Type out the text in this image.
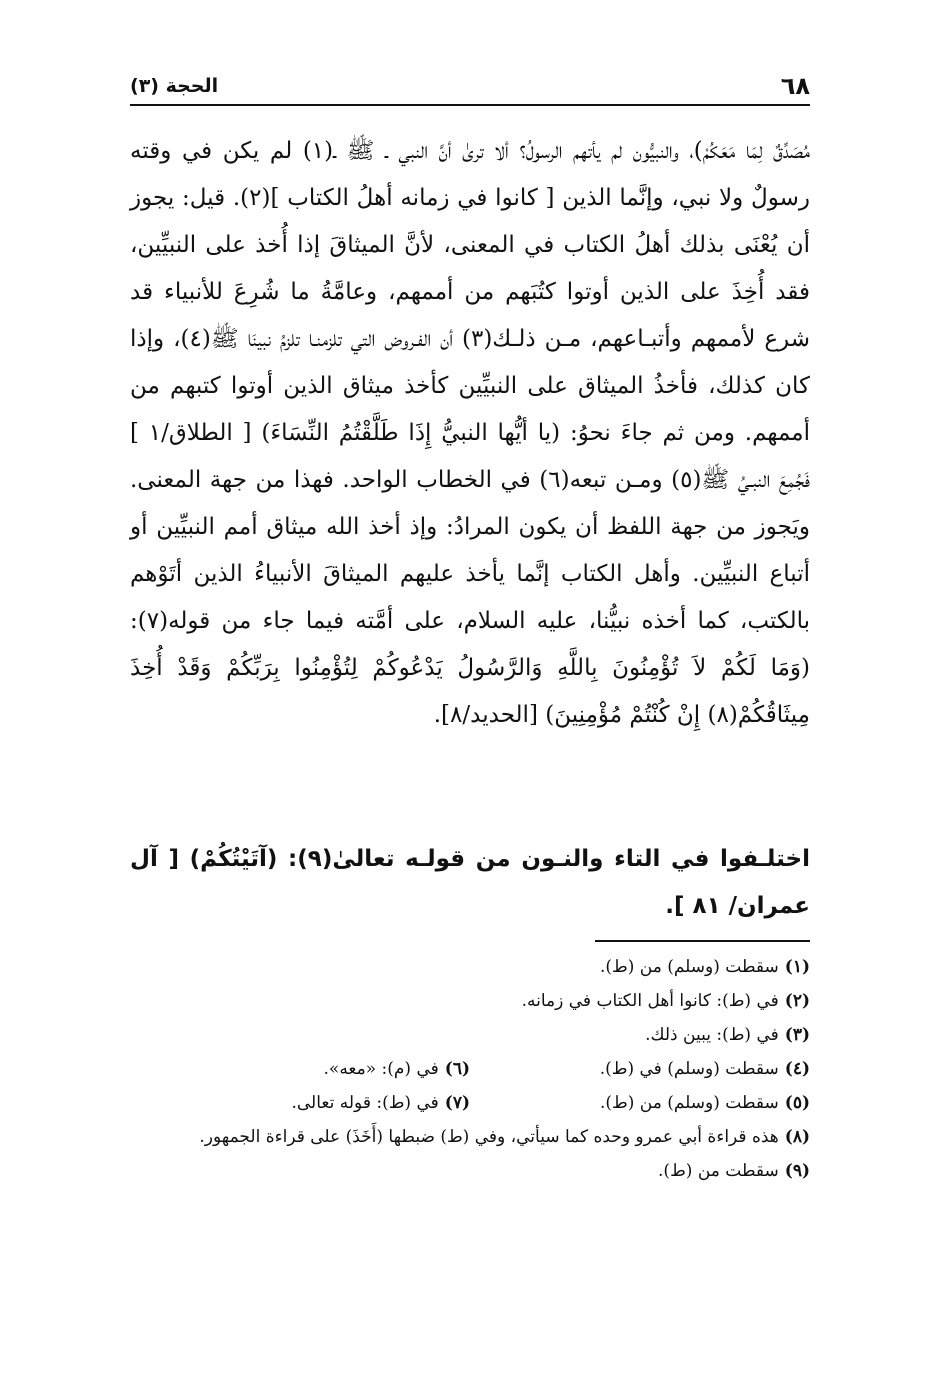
٦٨
الحجة (٣)

مُصَدِّقٌ لِمَا مَعَكُمْ)، والنبيُّون لم يأتهم الرسولُ؟ ألا ترىٰ أنَّ النبي ـ ﷺ ـ(١) لم يكن في وقته رسولٌ ولا نبي، وإنَّما الذين [ كانوا في زمانه أهلُ الكتاب ](٢). قيل: يجوز أن يُعْنَى بذلك أهلُ الكتاب في المعنى، لأنَّ الميثاقَ إذا أُخذ على النبيِّين، فقد أُخِذَ على الذين أوتوا كتُبَهم من أممهم، وعامَّةُ ما شُرِعَ للأنبياء قد شرع لأممهم وأتبـاعهم، مـن ذلـك(٣) أن الفـروض التي تلزمنـا تلزمُ نبينَا ﷺ(٤)، وإذا كان كذلك، فأخذُ الميثاق على النبيِّين كأخذ ميثاق الذين أوتوا كتبهم من أممهم. ومن ثم جاءَ نحوُ: (يا أيُّها النبيُّ إِذَا طَلَّقْتُمُ النِّسَاءَ) [ الطلاق/١ ] فَجُمِعَ النبـيُ ﷺ(٥) ومـن تبعه(٦) في الخطاب الواحد. فهذا من جهة المعنى. ويَجوز من جهة اللفظ أن يكون المرادُ: وإذ أخذ الله ميثاق أمم النبيِّين أو أتباع النبيِّين. وأهل الكتاب إنَّما يأخذ عليهم الميثاقَ الأنبياءُ الذين أتَوْهم بالكتب، كما أخذه نبيُّنا، عليه السلام، على أمَّته فيما جاء من قوله(٧): (وَمَا لَكُمْ لاَ تُؤْمِنُونَ بِاللَّهِ وَالرَّسُولُ يَدْعُوكُمْ لِتُؤْمِنُوا بِرَبِّكُمْ وَقَدْ أُخِذَ مِيثَاقُكُمْ(٨) إِنْ كُنْتُمْ مُؤْمِنِينَ) [الحديد/٨].

اختلـفوا في التاء والنـون من قولـه تعالىٰ(٩): (آتَيْتُكُمْ) [ آل عمران/ ٨١ ].
(١)
سقطت (وسلم) من (ط).
(٢)
في (ط): كانوا أهل الكتاب في زمانه.
(٣)
في (ط): يبين ذلك.
(٤)
سقطت (وسلم) في (ط).
(٦)
في (م): «معه».
(٥)
سقطت (وسلم) من (ط).
(٧)
في (ط): قوله تعالى.
(٨)
هذه قراءة أبي عمرو وحده كما سيأتي، وفي (ط) ضبطها (أَخَذَ) على قراءة الجمهور.
(٩)
سقطت من (ط).
